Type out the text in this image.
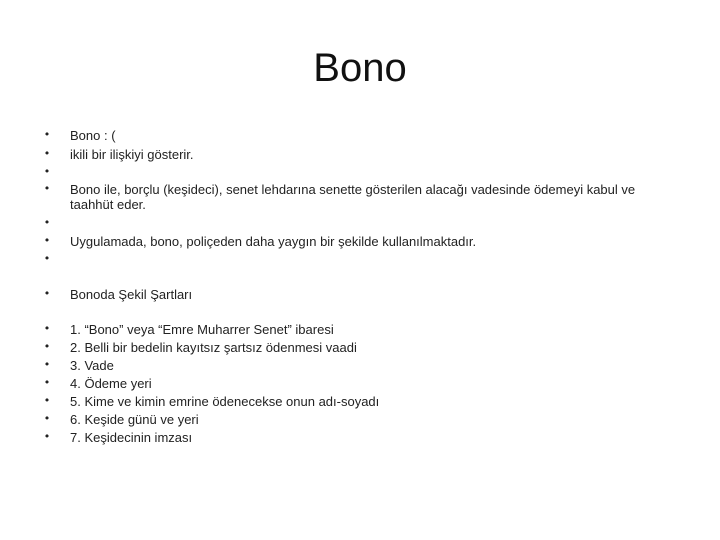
Bono
• Bono : (
• ikili bir ilişkiyi gösterir.
•
• Bono ile, borçlu (keşideci), senet lehdarına senette gösterilen alacağı vadesinde ödemeyi kabul ve taahhüt eder.
•
• Uygulamada, bono, poliçeden daha yaygın bir şekilde kullanılmaktadır.
•
• Bonoda Şekil Şartları
• 1. “Bono” veya “Emre Muharrer Senet” ibaresi
• 2. Belli bir bedelin kayıtsız şartsız ödenmesi vaadi
• 3. Vade
• 4. Ödeme yeri
• 5. Kime ve kimin emrine ödenecekse onun adı-soyadı
• 6. Keşide günü ve yeri
• 7. Keşidecinin imzası
